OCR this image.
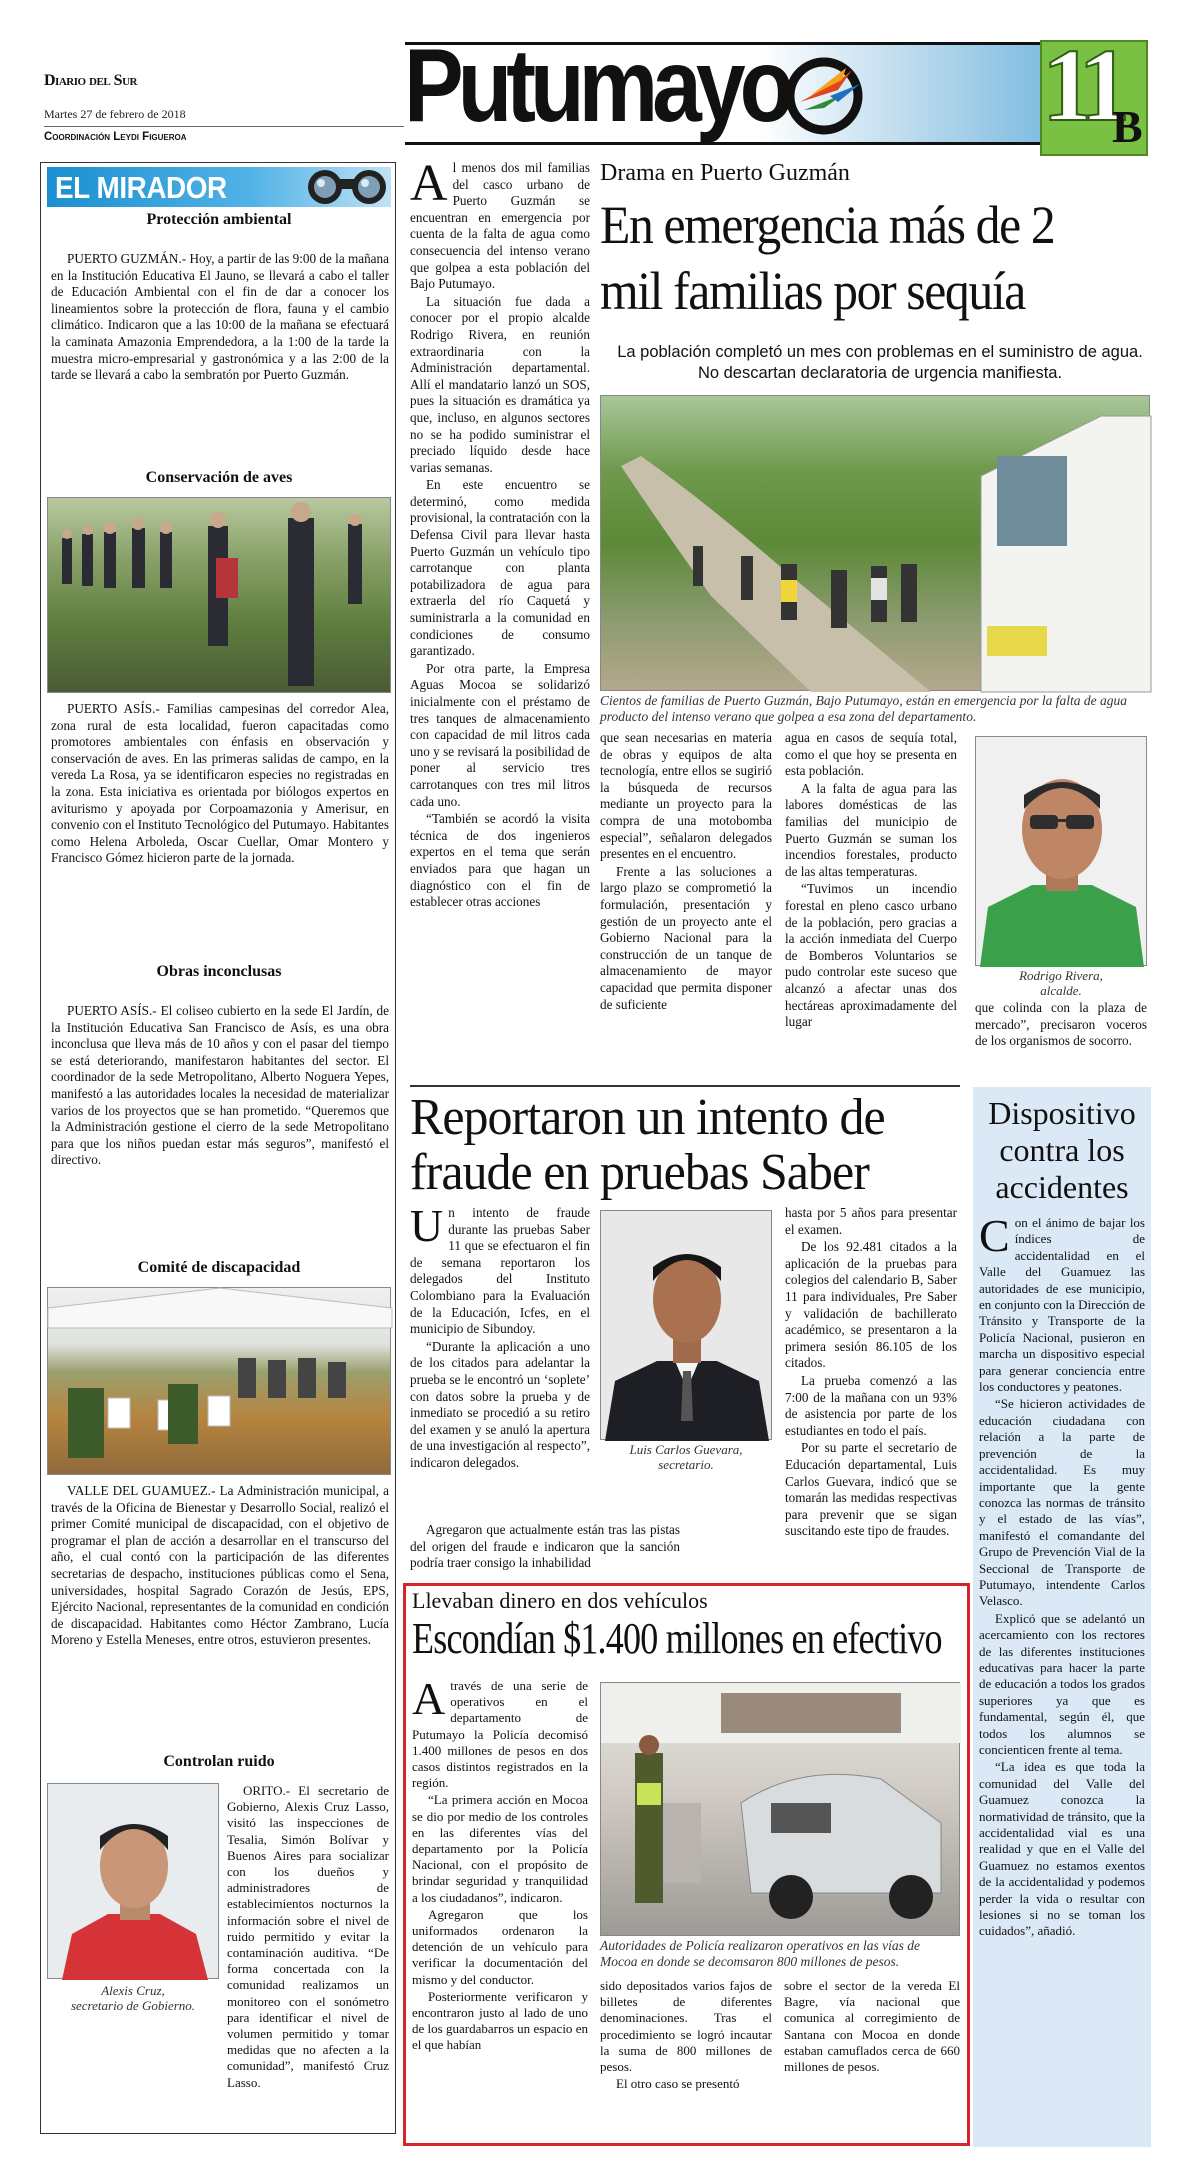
Diario del Sur
Martes 27 de febrero de 2018
Coordinación Leydi Figueroa Putumayo 11
B
EL MIRADOR
Protección ambiental

PUERTO GUZMÁN.- Hoy, a partir de las 9:00 de la mañana en la Institución Educativa El Jauno, se llevará a cabo el taller de Educación Ambiental con el fin de dar a conocer los lineamientos sobre la protección de flora, fauna y el cambio climático. Indicaron que a las 10:00 de la mañana se efectuará la caminata Amazonia Emprendedora, a la 1:00 de la tarde la muestra micro-empresarial y gastronómica y a las 2:00 de la tarde se llevará a cabo la sembratón por Puerto Guzmán.

Conservación de aves

PUERTO ASÍS.- Familias campesinas del corredor Alea, zona rural de esta localidad, fueron capacitadas como promotores ambientales con énfasis en observación y conservación de aves. En las primeras salidas de campo, en la vereda La Rosa, ya se identificaron especies no registradas en la zona. Esta iniciativa es orientada por biólogos expertos en aviturismo y apoyada por Corpoamazonia y Amerisur, en convenio con el Instituto Tecnológico del Putumayo. Habitantes como Helena Arboleda, Oscar Cuellar, Omar Montero y Francisco Gómez hicieron parte de la jornada.

Obras inconclusas

PUERTO ASÍS.- El coliseo cubierto en la sede El Jardín, de la Institución Educativa San Francisco de Asís, es una obra inconclusa que lleva más de 10 años y con el pasar del tiempo se está deteriorando, manifestaron habitantes del sector. El coordinador de la sede Metropolitano, Alberto Noguera Yepes, manifestó a las autoridades locales la necesidad de materializar varios de los proyectos que se han prometido. “Queremos que la Administración gestione el cierro de la sede Metropolitano para que los niños puedan estar más seguros”, manifestó el directivo.

Comité de discapacidad

VALLE DEL GUAMUEZ.- La Administración municipal, a través de la Oficina de Bienestar y Desarrollo Social, realizó el primer Comité municipal de discapacidad, con el objetivo de programar el plan de acción a desarrollar en el transcurso del año, el cual contó con la participación de las diferentes secretarias de despacho, instituciones públicas como el Sena, universidades, hospital Sagrado Corazón de Jesús, EPS, Ejército Nacional, representantes de la comunidad en condición de discapacidad. Habitantes como Héctor Zambrano, Lucía Moreno y Estella Meneses, entre otros, estuvieron presentes.

Controlan ruido
Alexis Cruz,
secretario de Gobierno.

ORITO.- El secretario de Gobierno, Alexis Cruz Lasso, visitó las inspecciones de Tesalia, Simón Bolívar y Buenos Aires para socializar con los dueños y administradores de establecimientos nocturnos la información sobre el nivel de ruido permitido y evitar la contaminación auditiva. “De forma concertada con la comunidad realizamos un monitoreo con el sonómetro para identificar el nivel de volumen permitido y tomar medidas que no afecten a la comunidad”, manifestó Cruz Lasso.

Drama en Puerto Guzmán
En emergencia más de 2 mil familias por sequía
La población completó un mes con problemas en el suministro de agua.
No descartan declaratoria de urgencia manifiesta.
Cientos de familias de Puerto Guzmán, Bajo Putumayo, están en emergencia por la falta de agua producto del intenso verano que golpea a esa zona del departamento.

Al menos dos mil familias del casco urbano de Puerto Guzmán se encuentran en emergencia por cuenta de la falta de agua como consecuencia del intenso verano que golpea a esta población del Bajo Putumayo.

La situación fue dada a conocer por el propio alcalde Rodrigo Rivera, en reunión extraordinaria con la Administración departamental. Allí el mandatario lanzó un SOS, pues la situación es dramática ya que, incluso, en algunos sectores no se ha podido suministrar el preciado líquido desde hace varias semanas.

En este encuentro se determinó, como medida provisional, la contratación con la Defensa Civil para llevar hasta Puerto Guzmán un vehículo tipo carrotanque con planta potabilizadora de agua para extraerla del río Caquetá y suministrarla a la comunidad en condiciones de consumo garantizado.

Por otra parte, la Empresa Aguas Mocoa se solidarizó inicialmente con el préstamo de tres tanques de almacenamiento con capacidad de mil litros cada uno y se revisará la posibilidad de poner al servicio tres carrotanques con tres mil litros cada uno.

“También se acordó la visita técnica de dos ingenieros expertos en el tema que serán enviados para que hagan un diagnóstico con el fin de establecer otras acciones

que sean necesarias en materia de obras y equipos de alta tecnología, entre ellos se sugirió la búsqueda de recursos mediante un proyecto para la compra de una motobomba especial”, señalaron delegados presentes en el encuentro.

Frente a las soluciones a largo plazo se comprometió la formulación, presentación y gestión de un proyecto ante el Gobierno Nacional para la construcción de un tanque de almacenamiento de mayor capacidad que permita disponer de suficiente

agua en casos de sequía total, como el que hoy se presenta en esta población.

A la falta de agua para las labores domésticas de las familias del municipio de Puerto Guzmán se suman los incendios forestales, producto de las altas temperaturas.

“Tuvimos un incendio forestal en pleno casco urbano de la población, pero gracias a la acción inmediata del Cuerpo de Bomberos Voluntarios se pudo controlar este suceso que alcanzó a afectar unas dos hectáreas aproximadamente del lugar

Rodrigo Rivera,
alcalde.

que colinda con la plaza de mercado”, precisaron voceros de los organismos de socorro.

Reportaron un intento de fraude en pruebas Saber

Un intento de fraude durante las pruebas Saber 11 que se efectuaron el fin de semana reportaron los delegados del Instituto Colombiano para la Evaluación de la Educación, Icfes, en el municipio de Sibundoy.

“Durante la aplicación a uno de los citados para adelantar la prueba se le encontró un ‘soplete’ con datos sobre la prueba y de inmediato se procedió a su retiro del examen y se anuló la apertura de una investigación al respecto”, indicaron delegados.

Luis Carlos Guevara,
secretario.

Agregaron que actualmente están tras las pistas del origen del fraude e indicaron que la sanción podría traer consigo la inhabilidad

hasta por 5 años para presentar el examen.

De los 92.481 citados a la aplicación de la pruebas para colegios del calendario B, Saber 11 para individuales, Pre Saber y validación de bachillerato académico, se presentaron a la primera sesión 86.105 de los citados.

La prueba comenzó a las 7:00 de la mañana con un 93% de asistencia por parte de los estudiantes en todo el país.

Por su parte el secretario de Educación departamental, Luis Carlos Guevara, indicó que se tomarán las medidas respectivas para prevenir que se sigan suscitando este tipo de fraudes.

Dispositivo contra los accidentes

Con el ánimo de bajar los índices de accidentalidad en el Valle del Guamuez las autoridades de ese municipio, en conjunto con la Dirección de Tránsito y Transporte de la Policía Nacional, pusieron en marcha un dispositivo especial para generar conciencia entre los conductores y peatones.

“Se hicieron actividades de educación ciudadana con relación a la parte de prevención de la accidentalidad. Es muy importante que la gente conozca las normas de tránsito y el estado de las vías”, manifestó el comandante del Grupo de Prevención Vial de la Seccional de Transporte de Putumayo, intendente Carlos Velasco.

Explicó que se adelantó un acercamiento con los rectores de las diferentes instituciones educativas para hacer la parte de educación a todos los grados superiores ya que es fundamental, según él, que todos los alumnos se concienticen frente al tema.

“La idea es que toda la comunidad del Valle del Guamuez conozca la normatividad de tránsito, que la accidentalidad vial es una realidad y que en el Valle del Guamuez no estamos exentos de la accidentalidad y podemos perder la vida o resultar con lesiones si no se toman los cuidados”, añadió.

Llevaban dinero en dos vehículos
Escondían $1.400 millones en efectivo

Através de una serie de operativos en el departamento de Putumayo la Policía decomisó 1.400 millones de pesos en dos casos distintos registrados en la región.

“La primera acción en Mocoa se dio por medio de los controles en las diferentes vías del departamento por la Policía Nacional, con el propósito de brindar seguridad y tranquilidad a los ciudadanos”, indicaron.

Agregaron que los uniformados ordenaron la detención de un vehículo para verificar la documentación del mismo y del conductor.

Posteriormente verificaron y encontraron justo al lado de uno de los guardabarros un espacio en el que habían

Autoridades de Policía realizaron operativos en las vías de Mocoa en donde se decomsaron 800 millones de pesos.

sido depositados varios fajos de billetes de diferentes denominaciones. Tras el procedimiento se logró incautar la suma de 800 millones de pesos.

El otro caso se presentó

sobre el sector de la vereda El Bagre, vía nacional que comunica al corregimiento de Santana con Mocoa en donde estaban camuflados cerca de 660 millones de pesos.
